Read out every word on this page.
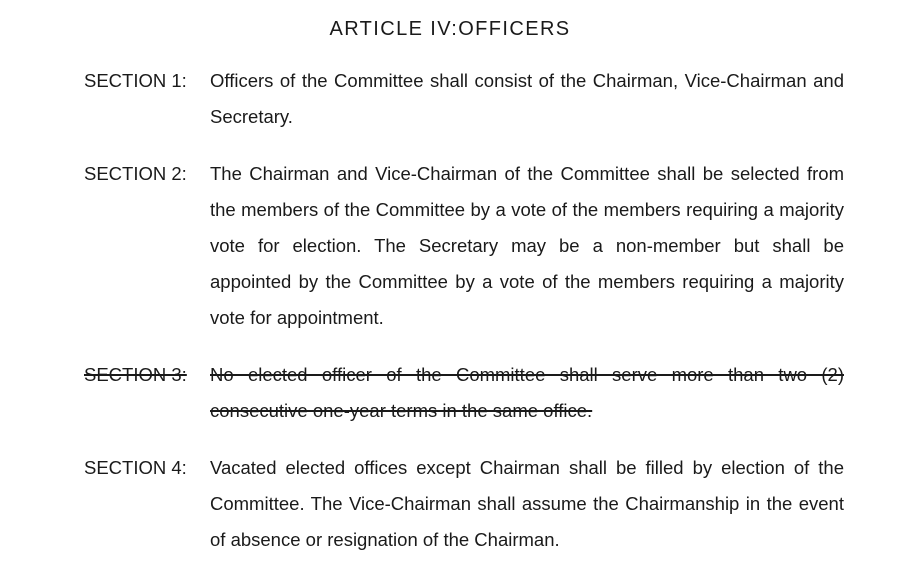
ARTICLE IV:OFFICERS
SECTION 1: Officers of the Committee shall consist of the Chairman, Vice-Chairman and Secretary.
SECTION 2: The Chairman and Vice-Chairman of the Committee shall be selected from the members of the Committee by a vote of the members requiring a majority vote for election. The Secretary may be a non-member but shall be appointed by the Committee by a vote of the members requiring a majority vote for appointment.
SECTION 3: No elected officer of the Committee shall serve more than two (2) consecutive one-year terms in the same office.
SECTION 4: Vacated elected offices except Chairman shall be filled by election of the Committee. The Vice-Chairman shall assume the Chairmanship in the event of absence or resignation of the Chairman.
